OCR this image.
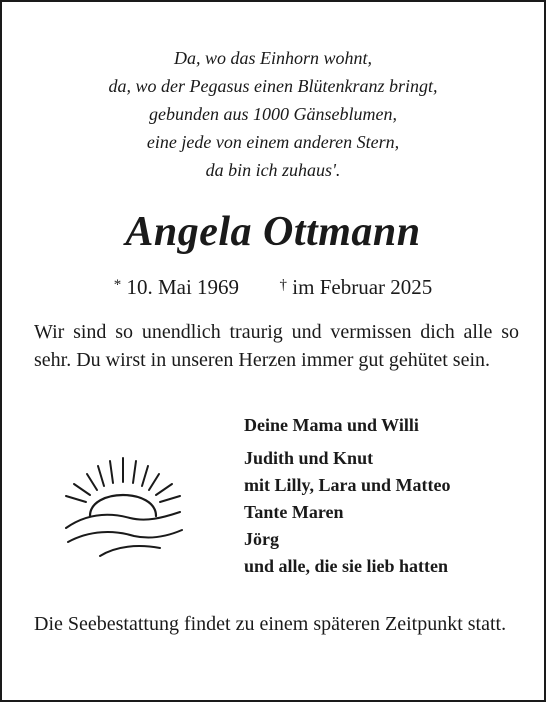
Da, wo das Einhorn wohnt,
da, wo der Pegasus einen Blütenkranz bringt,
gebunden aus 1000 Gänseblumen,
eine jede von einem anderen Stern,
da bin ich zuhaus'.
Angela Ottmann
* 10. Mai 1969	† im Februar 2025
Wir sind so unendlich traurig und vermissen dich alle so sehr. Du wirst in unseren Herzen immer gut gehütet sein.
Deine Mama und Willi
Judith und Knut
mit Lilly, Lara und Matteo
Tante Maren
Jörg
und alle, die sie lieb hatten
Die Seebestattung findet zu einem späteren Zeitpunkt statt.
